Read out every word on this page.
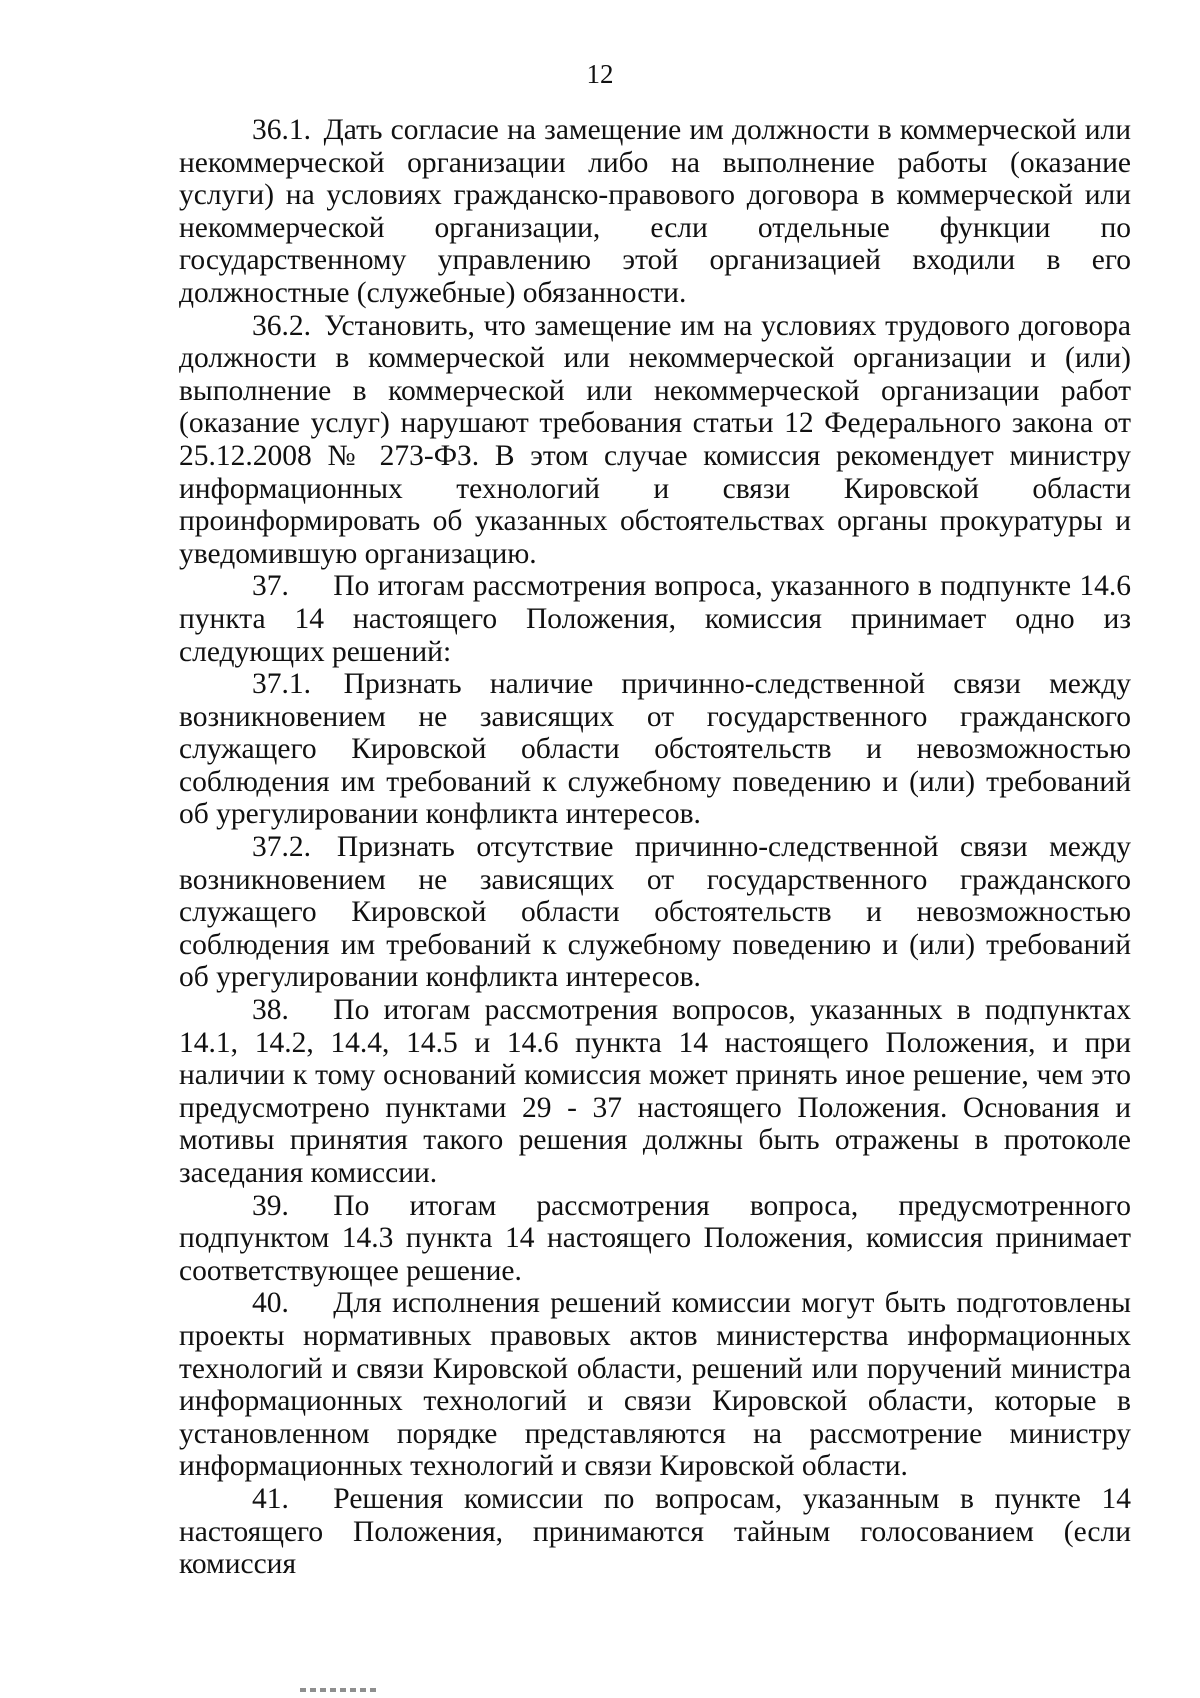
12

36.1. Дать согласие на замещение им должности в коммерческой или некоммерческой организации либо на выполнение работы (оказание услуги) на условиях гражданско-правового договора в коммерческой или некоммерческой организации, если отдельные функции по государственному управлению этой организацией входили в его должностные (служебные) обязанности.

36.2. Установить, что замещение им на условиях трудового договора должности в коммерческой или некоммерческой организации и (или) выполнение в коммерческой или некоммерческой организации работ (оказание услуг) нарушают требования статьи 12 Федерального закона от 25.12.2008 № 273-ФЗ. В этом случае комиссия рекомендует министру информационных технологий и связи Кировской области проинформировать об указанных обстоятельствах органы прокуратуры и уведомившую организацию.

37. По итогам рассмотрения вопроса, указанного в подпункте 14.6 пункта 14 настоящего Положения, комиссия принимает одно из следующих решений:

37.1. Признать наличие причинно-следственной связи между возникновением не зависящих от государственного гражданского служащего Кировской области обстоятельств и невозможностью соблюдения им требований к служебному поведению и (или) требований об урегулировании конфликта интересов.

37.2. Признать отсутствие причинно-следственной связи между возникновением не зависящих от государственного гражданского служащего Кировской области обстоятельств и невозможностью соблюдения им требований к служебному поведению и (или) требований об урегулировании конфликта интересов.

38. По итогам рассмотрения вопросов, указанных в подпунктах 14.1, 14.2, 14.4, 14.5 и 14.6 пункта 14 настоящего Положения, и при наличии к тому оснований комиссия может принять иное решение, чем это предусмотрено пунктами 29 - 37 настоящего Положения. Основания и мотивы принятия такого решения должны быть отражены в протоколе заседания комиссии.

39. По итогам рассмотрения вопроса, предусмотренного подпунктом 14.3 пункта 14 настоящего Положения, комиссия принимает соответствующее решение.

40. Для исполнения решений комиссии могут быть подготовлены проекты нормативных правовых актов министерства информационных технологий и связи Кировской области, решений или поручений министра информационных технологий и связи Кировской области, которые в установленном порядке представляются на рассмотрение министру информационных технологий и связи Кировской области.

41. Решения комиссии по вопросам, указанным в пункте 14 настоящего Положения, принимаются тайным голосованием (если комиссия
